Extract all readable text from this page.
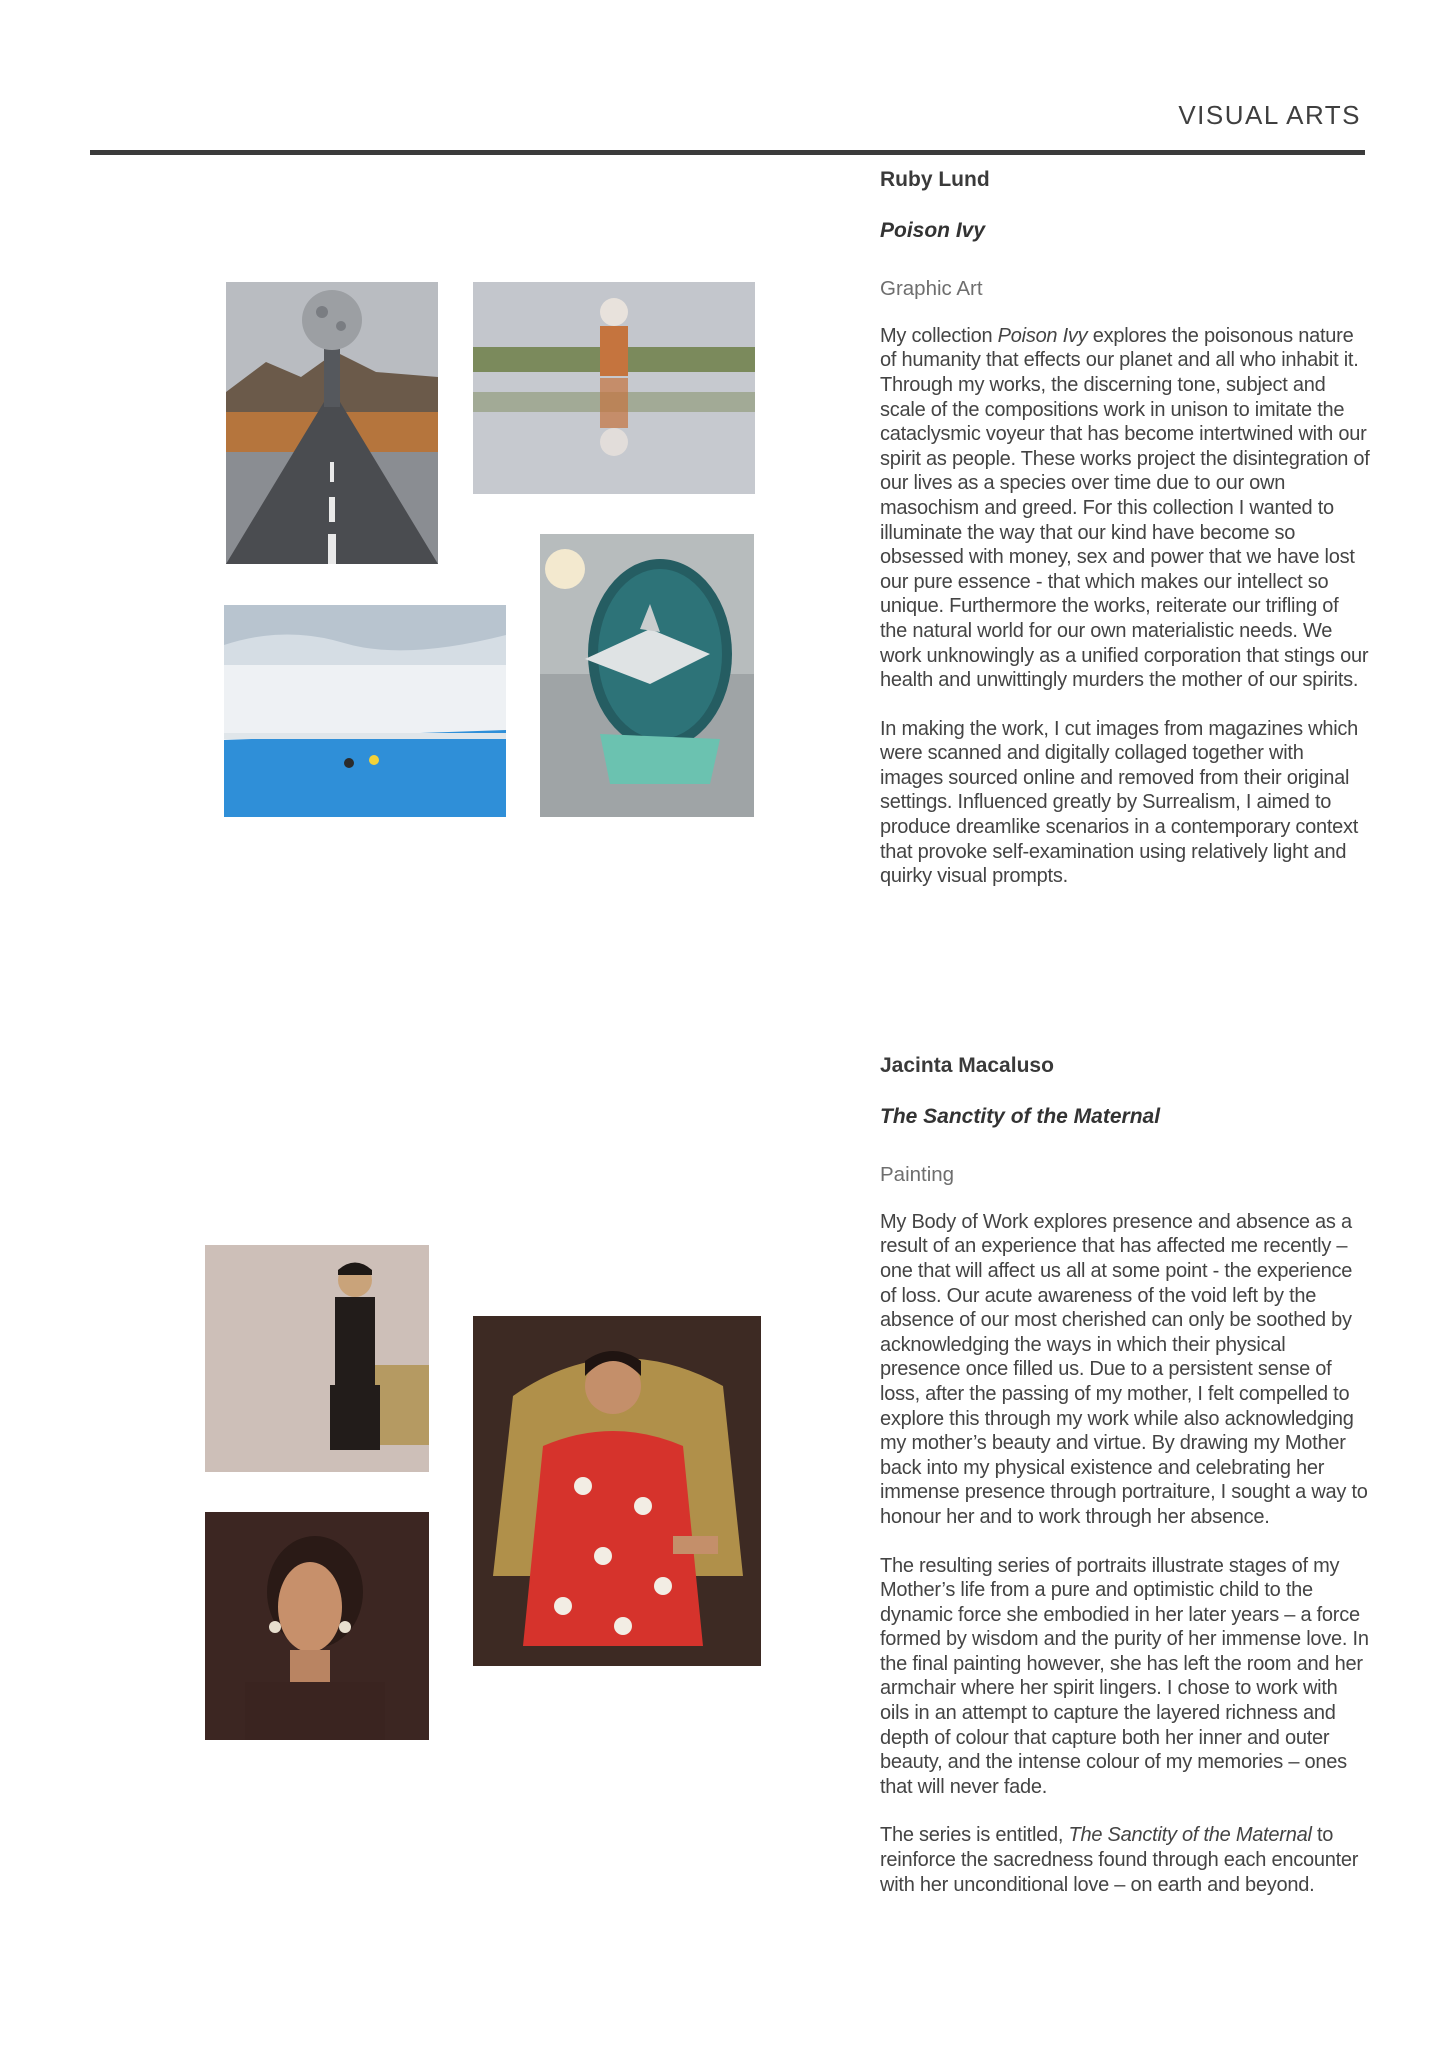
VISUAL ARTS
Ruby Lund
Poison Ivy
Graphic Art

My collection Poison Ivy explores the poisonous nature of humanity that effects our planet and all who inhabit it. Through my works, the discerning tone, subject and scale of the compositions work in unison to imitate the cataclysmic voyeur that has become intertwined with our spirit as people. These works project the disintegration of our lives as a species over time due to our own masochism and greed. For this collection I wanted to illuminate the way that our kind have become so obsessed with money, sex and power that we have lost our pure essence - that which makes our intellect so unique. Furthermore the works, reiterate our trifling of the natural world for our own materialistic needs. We work unknowingly as a unified corporation that stings our health and unwittingly murders the mother of our spirits.

In making the work, I cut images from magazines which were scanned and digitally collaged together with images sourced online and removed from their original settings. Influenced greatly by Surrealism, I aimed to produce dreamlike scenarios in a contemporary context that provoke self-examination using relatively light and quirky visual prompts.

Jacinta Macaluso
The Sanctity of the Maternal
Painting

My Body of Work explores presence and absence as a result of an experience that has affected me recently – one that will affect us all at some point - the experience of loss. Our acute awareness of the void left by the absence of our most cherished can only be soothed by acknowledging the ways in which their physical presence once filled us. Due to a persistent sense of loss, after the passing of my mother, I felt compelled to explore this through my work while also acknowledging my mother’s beauty and virtue. By drawing my Mother back into my physical existence and celebrating her immense presence through portraiture, I sought a way to honour her and to work through her absence.

The resulting series of portraits illustrate stages of my Mother’s life from a pure and optimistic child to the dynamic force she embodied in her later years – a force formed by wisdom and the purity of her immense love. In the final painting however, she has left the room and her armchair where her spirit lingers. I chose to work with oils in an attempt to capture the layered richness and depth of colour that capture both her inner and outer beauty, and the intense colour of my memories – ones that will never fade.

The series is entitled, The Sanctity of the Maternal to reinforce the sacredness found through each encounter with her unconditional love – on earth and beyond.
